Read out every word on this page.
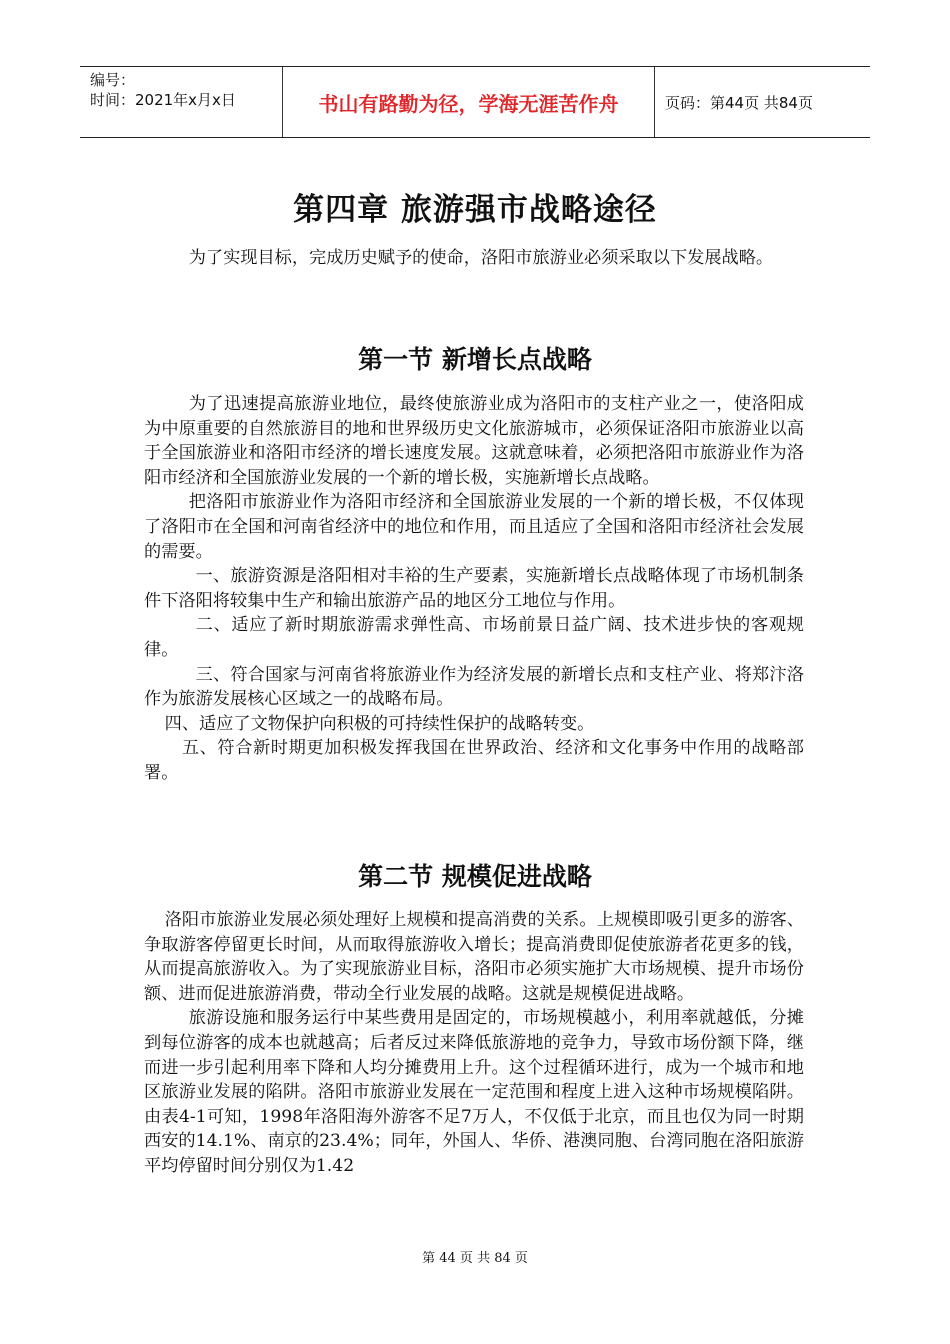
编号：
时间：2021年x月x日	书山有路勤为径，学海无涯苦作舟	页码：第44页 共84页
第四章 旅游强市战略途径

为了实现目标，完成历史赋予的使命，洛阳市旅游业必须采取以下发展战略。

第一节 新增长点战略

为了迅速提高旅游业地位，最终使旅游业成为洛阳市的支柱产业之一，使洛阳成为中原重要的自然旅游目的地和世界级历史文化旅游城市，必须保证洛阳市旅游业以高于全国旅游业和洛阳市经济的增长速度发展。这就意味着，必须把洛阳市旅游业作为洛阳市经济和全国旅游业发展的一个新的增长极，实施新增长点战略。

把洛阳市旅游业作为洛阳市经济和全国旅游业发展的一个新的增长极，不仅体现了洛阳市在全国和河南省经济中的地位和作用，而且适应了全国和洛阳市经济社会发展的需要。

一、旅游资源是洛阳相对丰裕的生产要素，实施新增长点战略体现了市场机制条件下洛阳将较集中生产和输出旅游产品的地区分工地位与作用。

二、适应了新时期旅游需求弹性高、市场前景日益广阔、技术进步快的客观规律。

三、符合国家与河南省将旅游业作为经济发展的新增长点和支柱产业、将郑汴洛作为旅游发展核心区域之一的战略布局。

四、适应了文物保护向积极的可持续性保护的战略转变。

五、符合新时期更加积极发挥我国在世界政治、经济和文化事务中作用的战略部署。

第二节 规模促进战略

洛阳市旅游业发展必须处理好上规模和提高消费的关系。上规模即吸引更多的游客、争取游客停留更长时间，从而取得旅游收入增长；提高消费即促使旅游者花更多的钱，从而提高旅游收入。为了实现旅游业目标，洛阳市必须实施扩大市场规模、提升市场份额、进而促进旅游消费，带动全行业发展的战略。这就是规模促进战略。

旅游设施和服务运行中某些费用是固定的，市场规模越小，利用率就越低，分摊到每位游客的成本也就越高；后者反过来降低旅游地的竞争力，导致市场份额下降，继而进一步引起利用率下降和人均分摊费用上升。这个过程循环进行，成为一个城市和地区旅游业发展的陷阱。洛阳市旅游业发展在一定范围和程度上进入这种市场规模陷阱。由表4-1可知，1998年洛阳海外游客不足7万人，不仅低于北京，而且也仅为同一时期西安的14.1%、南京的23.4%；同年，外国人、华侨、港澳同胞、台湾同胞在洛阳旅游平均停留时间分别仅为1.42

第 44 页 共 84 页
